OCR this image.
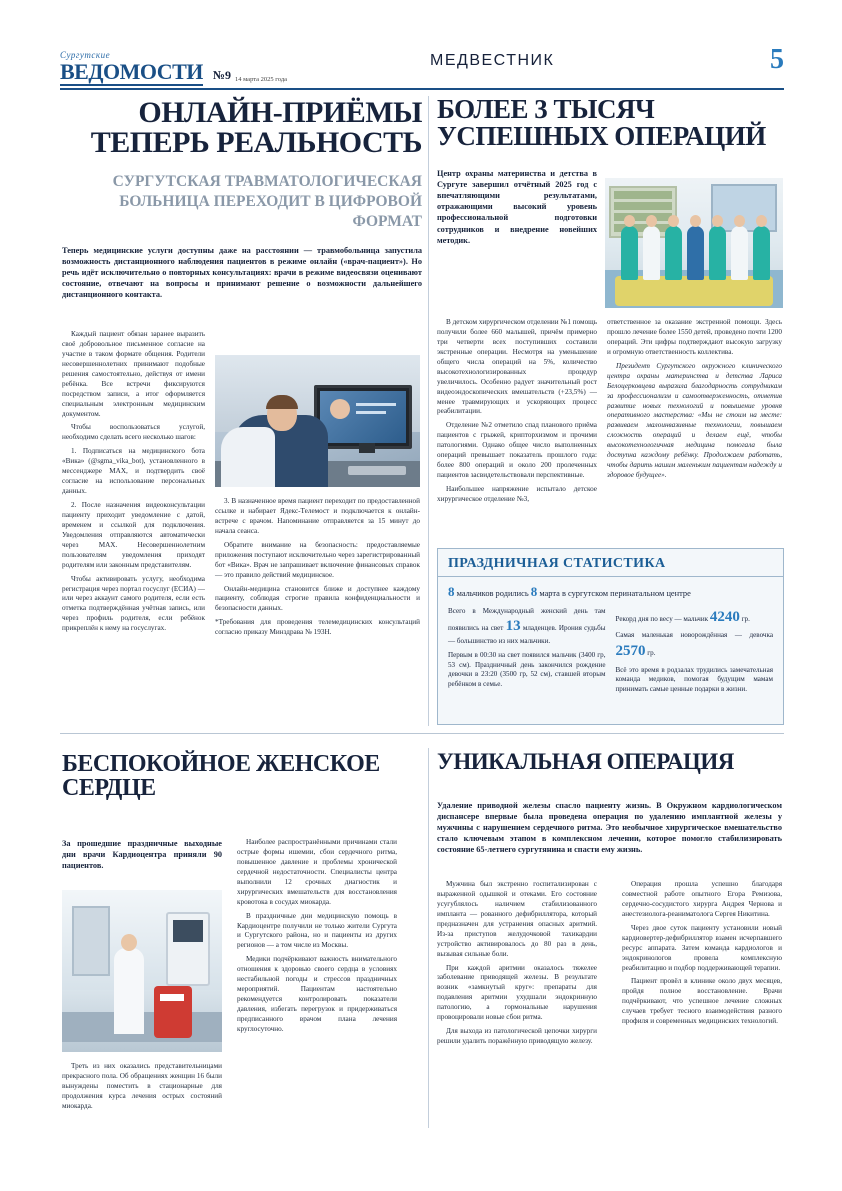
Сургутские
ВЕДОМОСТИ №9 14 марта 2025 года
МЕДВЕСТНИК	5
ОНЛАЙН-ПРИЁМЫ ТЕПЕРЬ РЕАЛЬНОСТЬ
СУРГУТСКАЯ ТРАВМАТОЛОГИЧЕСКАЯ БОЛЬНИЦА ПЕРЕХОДИТ В ЦИФРОВОЙ ФОРМАТ
Теперь медицинские услуги доступны даже на расстоянии — травмобольница запустила возможность дистанционного наблюдения пациентов в режиме онлайн («врач-пациент»). Но речь идёт исключительно о повторных консультациях: врачи в режиме видеосвязи оценивают состояние, отвечают на вопросы и принимают решение о возможности дальнейшего дистанционного контакта.

Каждый пациент обязан заранее выразить своё добровольное письменное согласие на участие в таком формате общения. Родители несовершеннолетних принимают подобные решения самостоятельно, действуя от имени ребёнка. Все встречи фиксируются посредством записи, а итог оформляется специальным электронным медицинским документом.

Чтобы воспользоваться услугой, необходимо сделать всего несколько шагов:

1. Подписаться на медицинского бота «Вика» (@sgma_vika_bot), установленного в мессенджере МАХ, и подтвердить своё согласие на использование персональных данных.

2. После назначения видеоконсультации пациенту приходит уведомление с датой, временем и ссылкой для подключения. Уведомления отправляются автоматически через МАХ. Несовершеннолетним пользователям уведомления приходят родителям или законным представителям.

Чтобы активировать услугу, необходима регистрация через портал госуслуг (ЕСИА) — или через аккаунт самого родителя, если есть отметка подтверждённая учётная запись, или через профиль родителя, если ребёнок прикреплён к нему на госуслугах.

3. В назначенное время пациент переходит по предоставленной ссылке и набирает Ядекс-Телемост и подключается к онлайн-встрече с врачом. Напоминание отправляется за 15 минут до начала сеанса.

Обратите внимание на безопасность: предоставляемые приложения поступают исключительно через зарегистрированный бот «Вика». Врач не запрашивает включение финансовых справок — это правило действий медицинское.

Онлайн-медицина становится ближе и доступнее каждому пациенту, соблюдая строгие правила конфиденциальности и безопасности данных.

*Требования для проведения телемедицинских консультаций согласно приказу Минздрава № 193Н.

БОЛЕЕ 3 ТЫСЯЧ УСПЕШНЫХ ОПЕРАЦИЙ
Центр охраны материнства и детства в Сургуте завершил отчётный 2025 год с впечатляющими результатами, отражающими высокий уровень профессиональной подготовки сотрудников и внедрение новейших методик.

В детском хирургическом отделении №1 помощь получили более 660 малышей, причём примерно три четверти всех поступивших составили экстренные операции. Несмотря на уменьшение общего числа операций на 5%, количество высокотехнологизированных процедур увеличилось. Особенно радует значительный рост видеоэндоскопических вмешательств (+23,5%) — менее травмирующих и ускоряющих процесс реабилитации.

Отделение №2 отметило спад планового приёма пациентов с грыжей, крипторхизмом и прочими патологиями. Однако общее число выполненных операций превышает показатель прошлого года: более 800 операций и около 200 пролеченных пациентов засвидетельствовали перспективные.

Наибольшее напряжение испытало детское хирургическое отделение №3,

ответственное за оказание экстренной помощи. Здесь прошло лечение более 1550 детей, проведено почти 1200 операций. Эти цифры подтверждают высокую загрузку и огромную ответственность коллектива.

Президент Сургутского окружного клинического центра охраны материнства и детства Лариса Белоцерковцева выразила благодарность сотрудникам за профессионализм и самоотверженность, отметив развитие новых технологий и повышение уровня оперативного мастерства: «Мы не стоим на месте: развиваем малоинвазивные технологии, повышаем сложность операций и делаем ещё, чтобы высокотехнологичная медицина помогала была доступна каждому ребёнку. Продолжаем работать, чтобы дарить нашим маленьким пациентам надежду и здоровое будущее».

ПРАЗДНИЧНАЯ СТАТИСТИКА
8 мальчиков родились 8 марта в сургутском перинатальном центре

Всего в Международный женский день там появились на свет 13 младенцев. Ирония судьбы — большинство из них мальчики.

Первым в 00:30 на свет появился мальчик (3400 гр, 53 см). Праздничный день закончился рождение девочки в 23:20 (3500 гр, 52 см), ставшей вторым ребёнком в семье.

Рекорд дня по весу — мальчик 4240 гр.

Самая маленькая новорождённая — девочка 2570 гр.

Всё это время в родзалах трудились замечательная команда медиков, помогая будущим мамам принимать самые ценные подарки в жизни.

БЕСПОКОЙНОЕ ЖЕНСКОЕ СЕРДЦЕ
За прошедшие праздничные выходные дни врачи Кардиоцентра приняли 90 пациентов.

Треть из них оказались представительницами прекрасного пола. Об обращениях женщин 16 были вынуждены поместить в стационарные для продолжения курса лечения острых состояний миокарда.

Наиболее распространёнными причинами стали острые формы ишемии, сбои сердечного ритма, повышенное давление и проблемы хронической сердечной недостаточности. Специалисты центра выполнили 12 срочных диагностик и хирургических вмешательств для восстановления кровотока в сосудах миокарда.

В праздничные дни медицинскую помощь в Кардиоцентре получили не только жители Сургута и Сургутского района, но и пациенты из других регионов — а том числе из Москвы.

Медики подчёркивают важность внимательного отношения к здоровью своего сердца в условиях нестабильной погоды и стрессов праздничных мероприятий. Пациентам настоятельно рекомендуется контролировать показатели давления, избегать перегрузок и придерживаться предписанного врачом плана лечения круглосуточно.

УНИКАЛЬНАЯ ОПЕРАЦИЯ
Удаление приводной железы спасло пациенту жизнь. В Окружном кардиологическом диспансере впервые была проведена операция по удалению имплантной железы у мужчины с нарушением сердечного ритма. Это необычное хирургическое вмешательство стало ключевым этапом в комплексном лечении, которое помогло стабилизировать состояние 65-летнего сургутянина и спасти ему жизнь.

Мужчина был экстренно госпитализирован с выраженной одышкой и отеками. Его состояние усугублялось наличием стабилизованного импланта — рованного дефибриллятора, который предназначен для устранения опасных аритмий. Из-за приступов желудочковой тахикардии устройство активировалось до 80 раз в день, вызывая сильные боли.

При каждой аритмии оказалось тяжелее заболевание приводящей железы. В результате возник «замкнутый круг»: препараты для подавления аритмии ухудшали эндокринную патологию, а гормональные нарушения провоцировали новые сбои ритма.

Для выхода из патологической цепочки хирурги решили удалить поражённую приводящую железу.

Операция прошла успешно благодаря совместной работе опытного Егора Ремизова, сердечно-сосудистого хирурга Андрея Чернова и анестезиолога-реаниматолога Сергея Никитина.

Через двое суток пациенту установили новый кардиовертер-дефибриллятор взамен исчерпавшего ресурс аппарата. Затем команда кардиологов и эндокринологов провела комплексную реабилитацию и подбор поддерживающей терапии.

Пациент провёл в клинике около двух месяцев, пройдя полное восстановление. Врачи подчёркивают, что успешное лечение сложных случаев требует тесного взаимодействия разного профиля и современных медицинских технологий.
